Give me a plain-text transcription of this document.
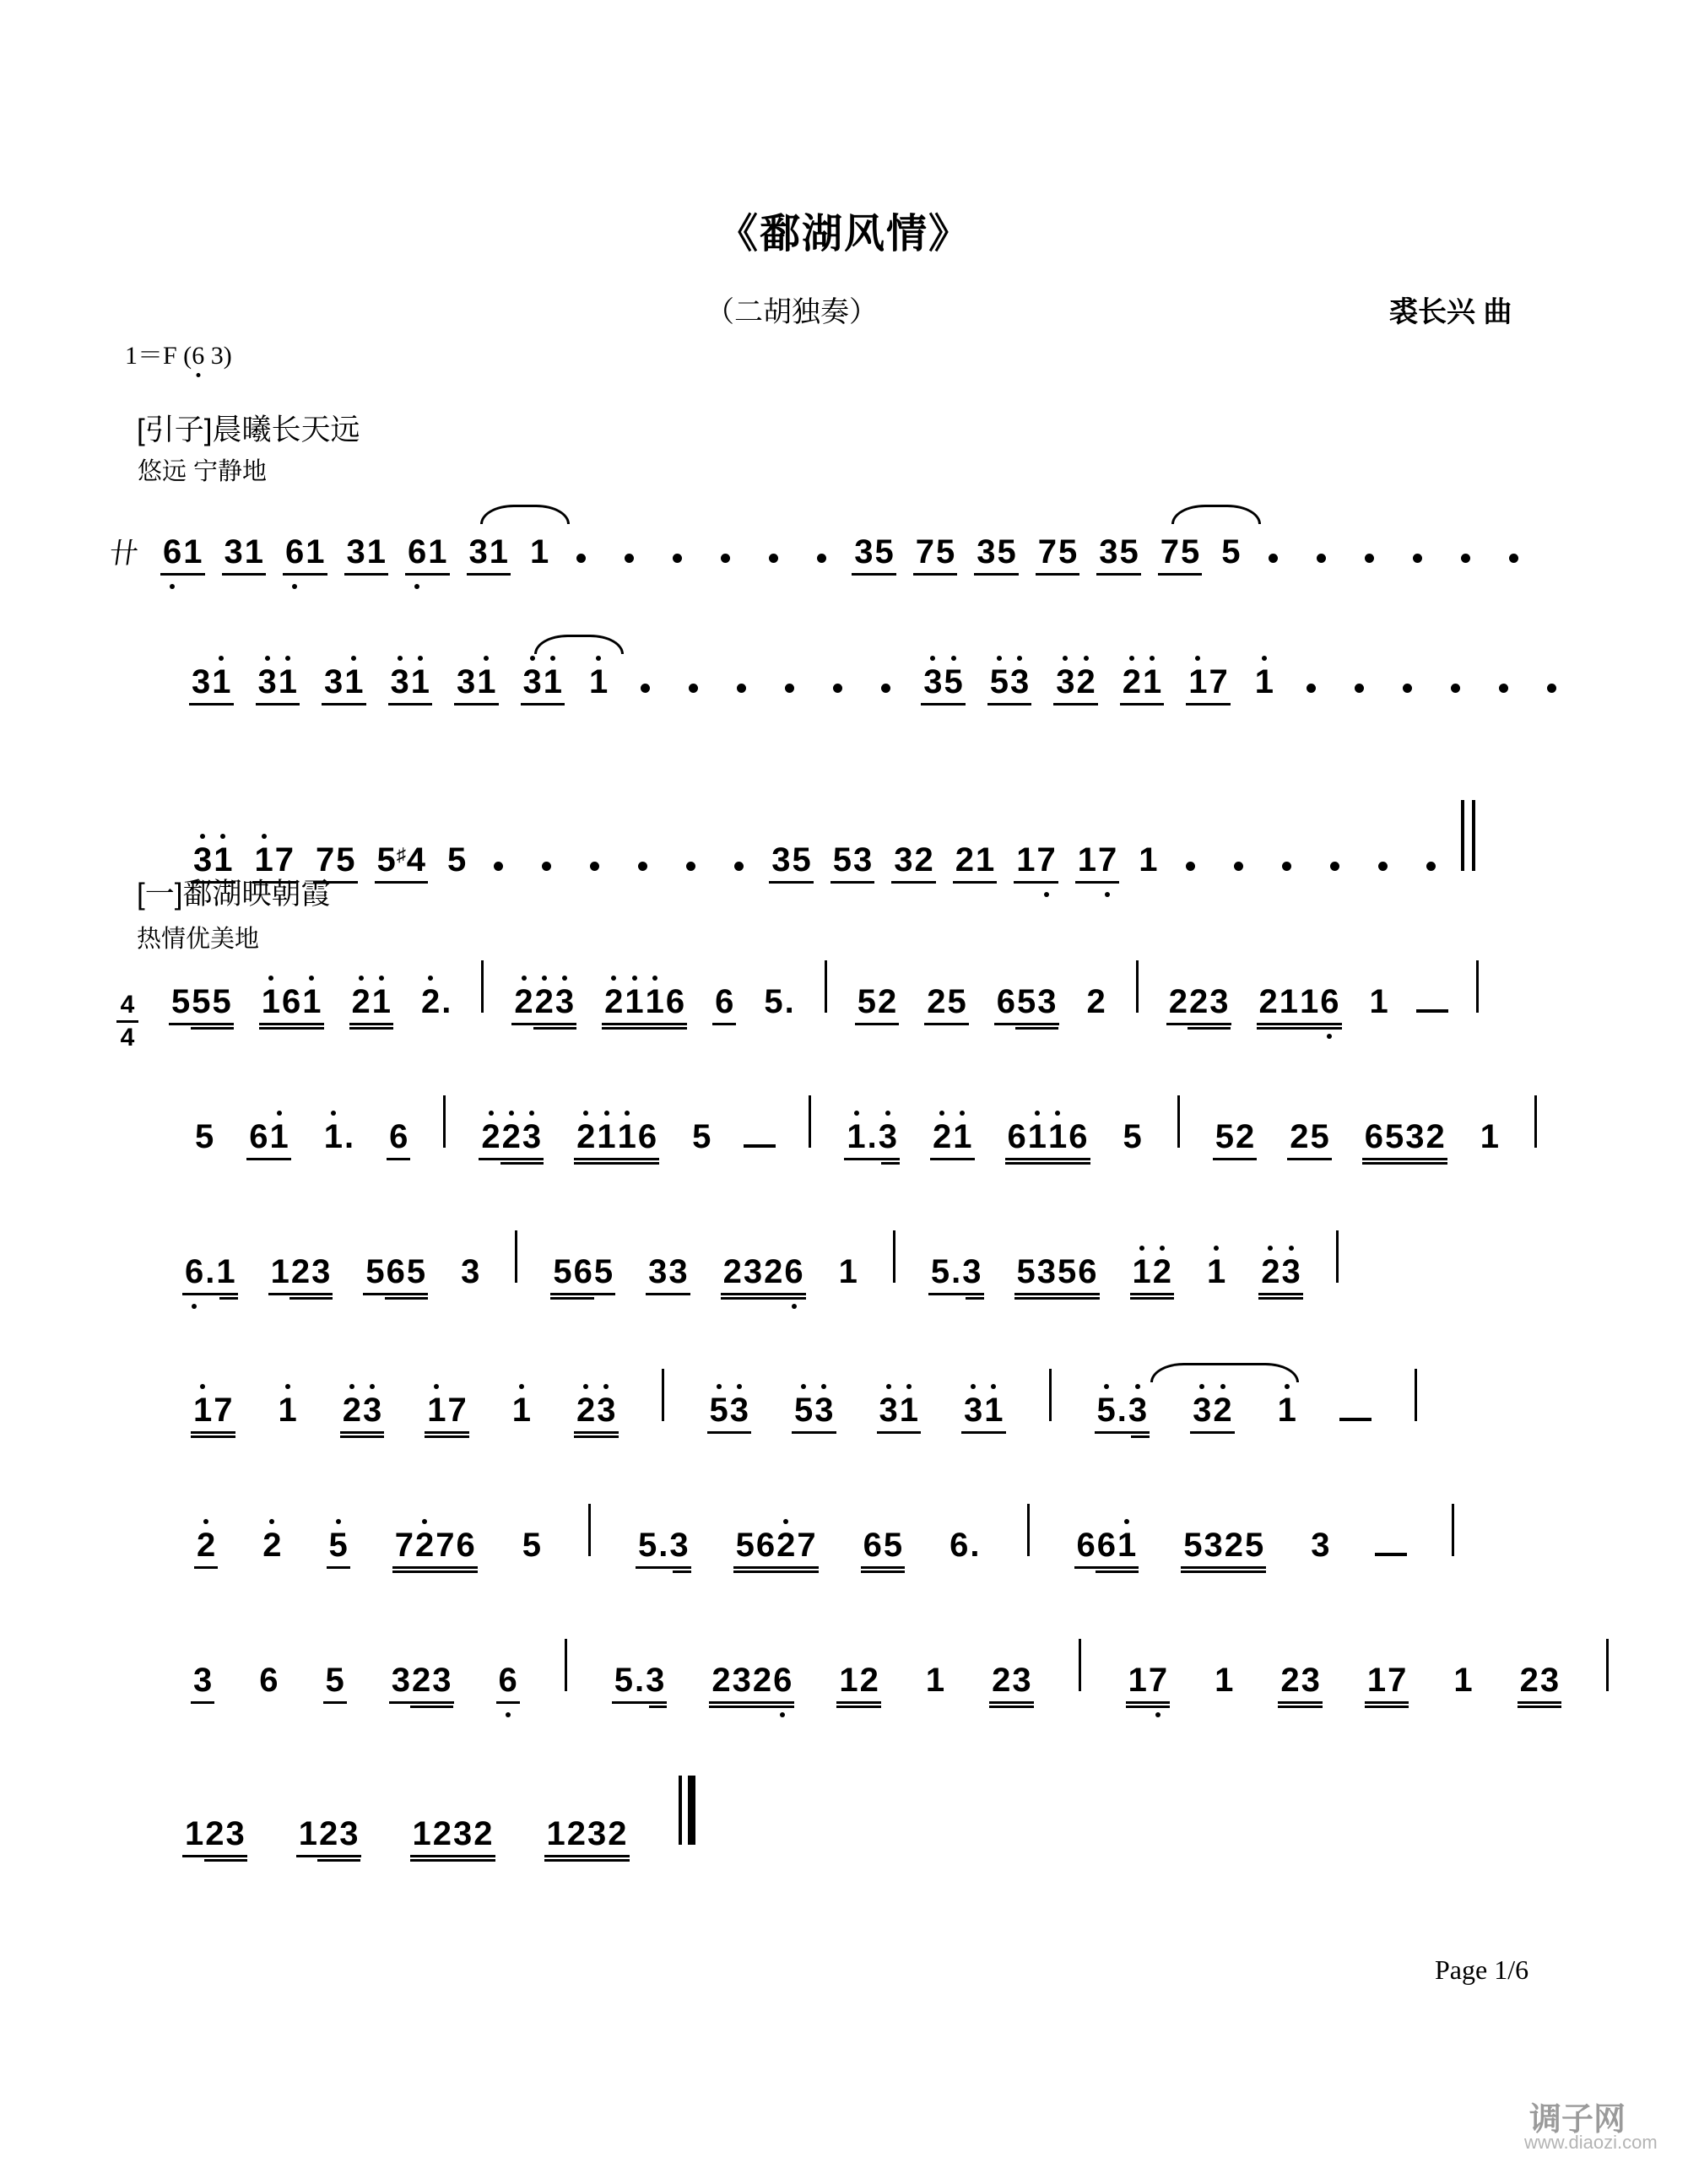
《鄱湖风情》
（二胡独奏）	裘长兴 曲
1＝F (6 3)
[引子]晨曦长天远
悠远 宁静地
卄 6 1 3 1 6 1 3 1 6 1 3 1 1	3 5 7 5 3 5 7 5 3 5 7 5 5
3 1 3 1 3 1 3 1 3 1 3 1 1	3 5 5 3 3 2 2 1 1 7 1
3 1 1 7 7 5 5 ♯ 4 5	3 5 5 3 3 2 2 1 1 7 1 7 1
[一]鄱湖映朝霞
热情优美地
4
4
5 5 5 1 6 1 2 1 2 . 2 2 3 2 1 1 6 6 5 . 5 2 2 5 6 5 3 2 2 2 3 2 1 1 6 1
5 6 1 1 . 6 2 2 3 2 1 1 6 5	1 . 3 2 1 6 1 1 6 5 5 2 2 5 6 5 3 2 1
6 . 1 1 2 3 5 6 5 3 5 6 5 3 3 2 3 2 6 1 5 . 3 5 3 5 6 1 2 1 2 3
1 7 1 2 3 1 7 1 2 3	5 3 5 3 3 1 3 1	5 . 3 3 2 1
2 2 5 7 2 7 6 5	5 . 3 5 6 2 7 6 5 6 .	6 6 1 5 3 2 5 3
3 6 5 3 2 3 6	5 . 3 2 3 2 6 1 2 1 2 3	1 7 1 2 3 1 7 1 2 3
1 2 3 1 2 3 1 2 3 2 1 2 3 2
Page 1/6
调子网
www.diaozi.com
